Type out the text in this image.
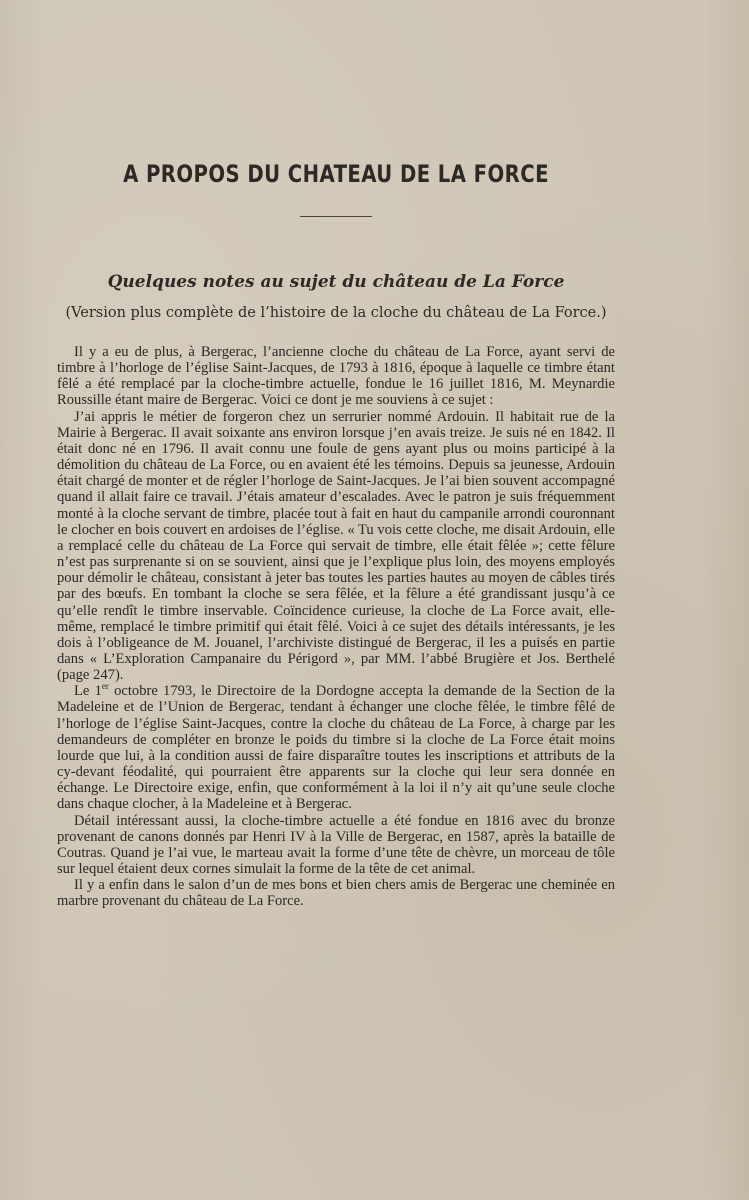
A PROPOS DU CHATEAU DE LA FORCE
Quelques notes au sujet du château de La Force

(Version plus complète de l’histoire de la cloche du château de La Force.)

Il y a eu de plus, à Bergerac, l’ancienne cloche du château de La Force, ayant servi de timbre à l’horloge de l’église Saint-Jacques, de 1793 à 1816, époque à laquelle ce timbre étant fêlé a été remplacé par la cloche-timbre actuelle, fondue le 16 juillet 1816, M. Meynardie Roussille étant maire de Bergerac. Voici ce dont je me souviens à ce sujet :

J’ai appris le métier de forgeron chez un serrurier nommé Ardouin. Il habitait rue de la Mairie à Bergerac. Il avait soixante ans environ lorsque j’en avais treize. Je suis né en 1842. Il était donc né en 1796. Il avait connu une foule de gens ayant plus ou moins participé à la démolition du château de La Force, ou en avaient été les témoins. Depuis sa jeunesse, Ardouin était chargé de monter et de régler l’horloge de Saint-Jacques. Je l’ai bien souvent accompagné quand il allait faire ce travail. J’étais amateur d’escalades. Avec le patron je suis fréquemment monté à la cloche servant de timbre, placée tout à fait en haut du campanile arrondi couronnant le clocher en bois couvert en ardoises de l’église. « Tu vois cette cloche, me disait Ardouin, elle a remplacé celle du château de La Force qui servait de timbre, elle était fêlée »; cette fêlure n’est pas surprenante si on se souvient, ainsi que je l’explique plus loin, des moyens employés pour démolir le château, consistant à jeter bas toutes les parties hautes au moyen de câbles tirés par des bœufs. En tombant la cloche se sera fêlée, et la fêlure a été grandissant jusqu’à ce qu’elle rendît le timbre inservable. Coïncidence curieuse, la cloche de La Force avait, elle-même, remplacé le timbre primitif qui était fêlé. Voici à ce sujet des détails intéressants, je les dois à l’obligeance de M. Jouanel, l’archiviste distingué de Bergerac, il les a puisés en partie dans « L’Exploration Campanaire du Périgord », par MM. l’abbé Brugière et Jos. Berthelé (page 247).

Le 1er octobre 1793, le Directoire de la Dordogne accepta la demande de la Section de la Madeleine et de l’Union de Bergerac, tendant à échanger une cloche fêlée, le timbre fêlé de l’horloge de l’église Saint-Jacques, contre la cloche du château de La Force, à charge par les demandeurs de compléter en bronze le poids du timbre si la cloche de La Force était moins lourde que lui, à la condition aussi de faire disparaître toutes les inscriptions et attributs de la cy-devant féodalité, qui pourraient être apparents sur la cloche qui leur sera donnée en échange. Le Directoire exige, enfin, que conformément à la loi il n’y ait qu’une seule cloche dans chaque clocher, à la Madeleine et à Bergerac.

Détail intéressant aussi, la cloche-timbre actuelle a été fondue en 1816 avec du bronze provenant de canons donnés par Henri IV à la Ville de Bergerac, en 1587, après la bataille de Coutras. Quand je l’ai vue, le marteau avait la forme d’une tête de chèvre, un morceau de tôle sur lequel étaient deux cornes simulait la forme de la tête de cet animal.

Il y a enfin dans le salon d’un de mes bons et bien chers amis de Bergerac une cheminée en marbre provenant du château de La Force.
